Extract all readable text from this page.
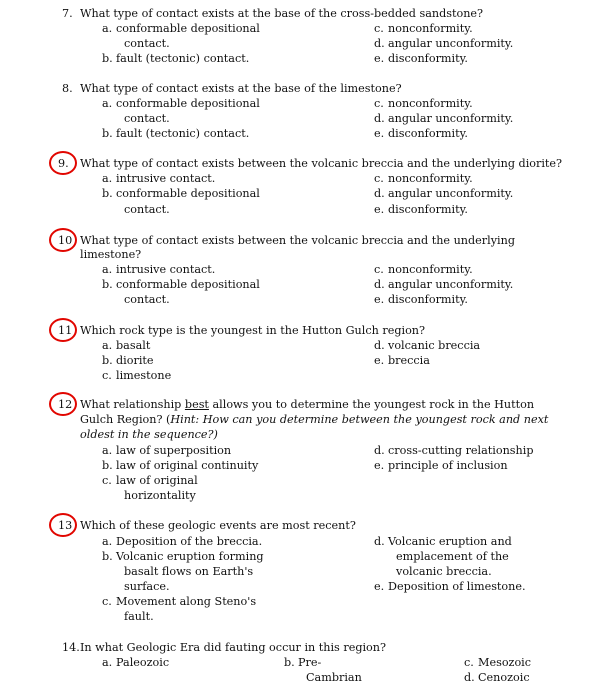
7. What type of contact exists at the base of the cross-bedded sandstone?
a. conformable depositional
contact.
b. fault (tectonic) contact.
c. nonconformity.
d. angular unconformity.
e. disconformity.
8. What type of contact exists at the base of the limestone?
a. conformable depositional
contact.
b. fault (tectonic) contact.
c. nonconformity.
d. angular unconformity.
e. disconformity.
9. What type of contact exists between the volcanic breccia and the underlying diorite?
a. intrusive contact.
b. conformable depositional
contact.
c. nonconformity.
d. angular unconformity.
e. disconformity.
10 What type of contact exists between the volcanic breccia and the underlying
limestone?
a. intrusive contact.
b. conformable depositional
contact.
c. nonconformity.
d. angular unconformity.
e. disconformity.
11 Which rock type is the youngest in the Hutton Gulch region?
a. basalt
b. diorite
c. limestone
d. volcanic breccia
e. breccia
12 What relationship best allows you to determine the youngest rock in the Hutton
Gulch Region? (Hint: How can you determine between the youngest rock and next
oldest in the sequence?)
a. law of superposition
b. law of original continuity
c. law of original
horizontality
d. cross-cutting relationship
e. principle of inclusion
13 Which of these geologic events are most recent?
a. Deposition of the breccia.
b. Volcanic eruption forming
basalt flows on Earth's
surface.
c. Movement along Steno's
fault.
d. Volcanic eruption and
emplacement of the
volcanic breccia.
e. Deposition of limestone.
14. In what Geologic Era did fauting occur in this region?
a. Paleozoic	b. Pre-
Cambrian
c. Mesozoic
d. Cenozoic
